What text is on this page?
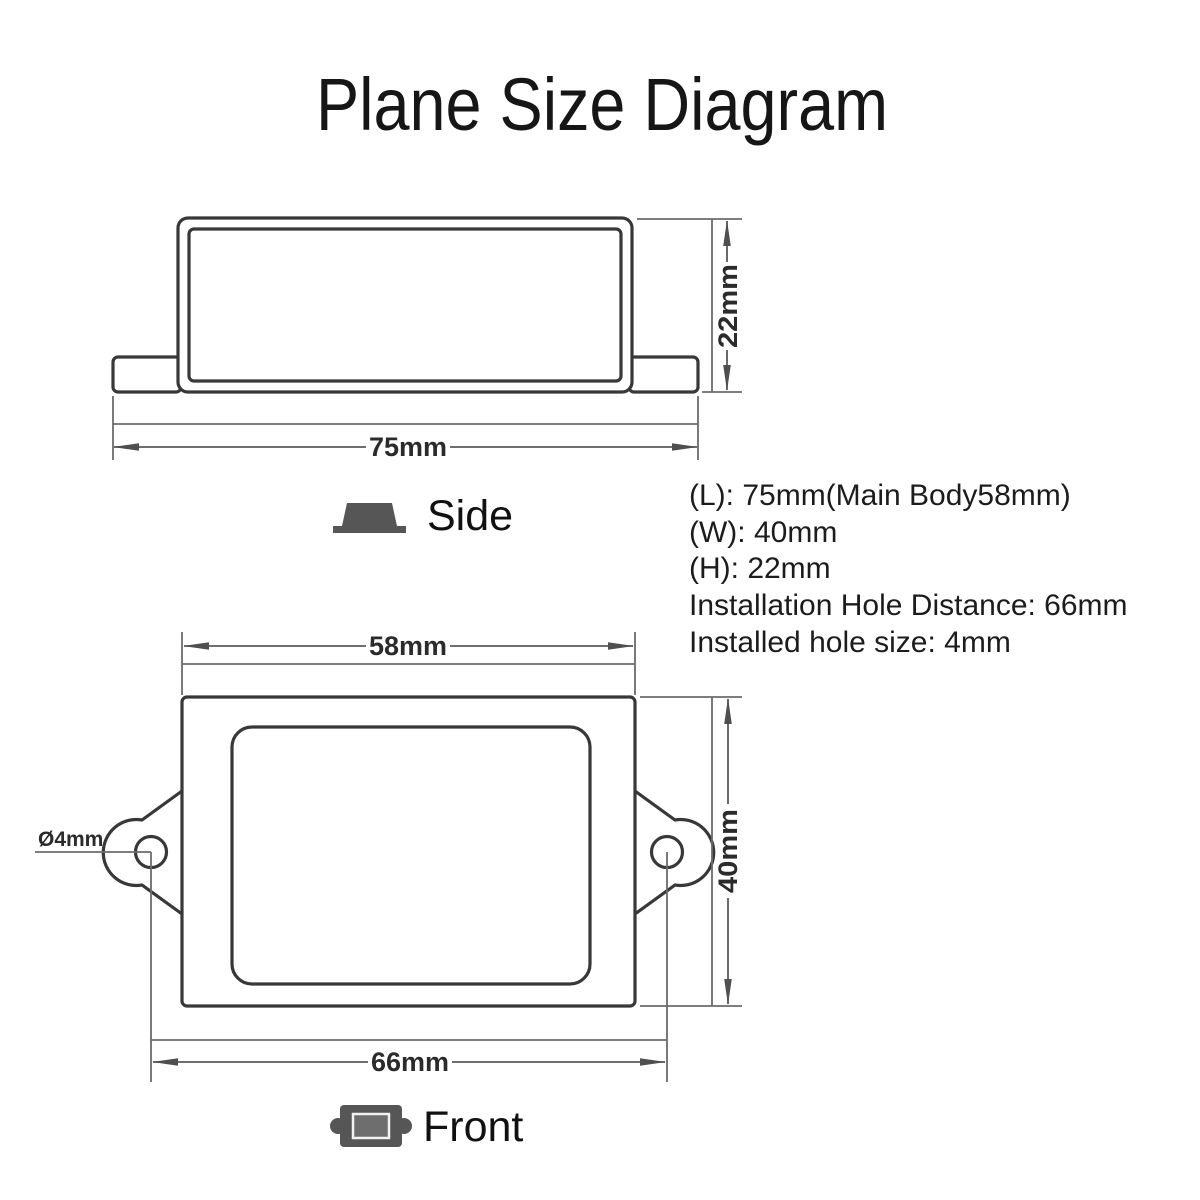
Plane Size Diagram
75mm
22mm
Side	(L): 75mm(Main Body58mm)
(W): 40mm
(H): 22mm
Installation Hole Distance: 66mm
Installed hole size: 4mm
58mm
40mm
66mm
Ø4mm
Front
